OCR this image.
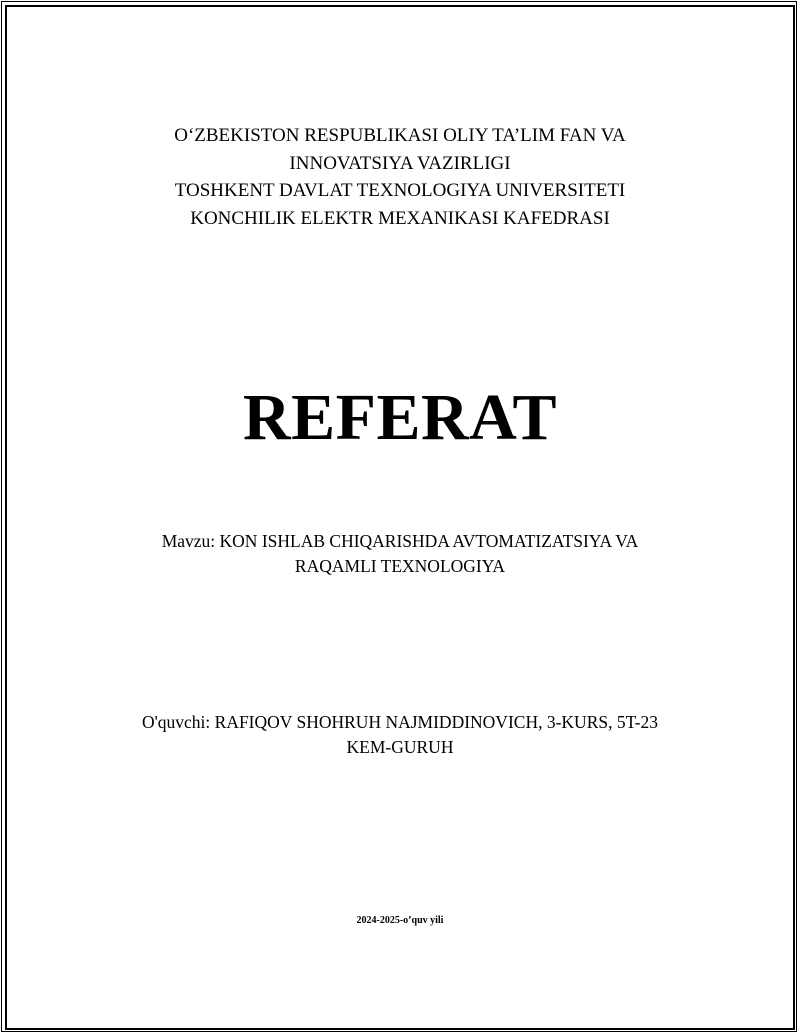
O‘ZBEKISTON RESPUBLIKASI OLIY TA’LIM FAN VA
INNOVATSIYA VAZIRLIGI
TOSHKENT DAVLAT TEXNOLOGIYA UNIVERSITETI
KONCHILIK ELEKTR MEXANIKASI KAFEDRASI
REFERAT
Mavzu: KON ISHLAB CHIQARISHDA AVTOMATIZATSIYA VA
RAQAMLI TEXNOLOGIYA
O'quvchi: RAFIQOV SHOHRUH NAJMIDDINOVICH, 3-KURS, 5T-23
KEM-GURUH
2024-2025-o’quv yili
